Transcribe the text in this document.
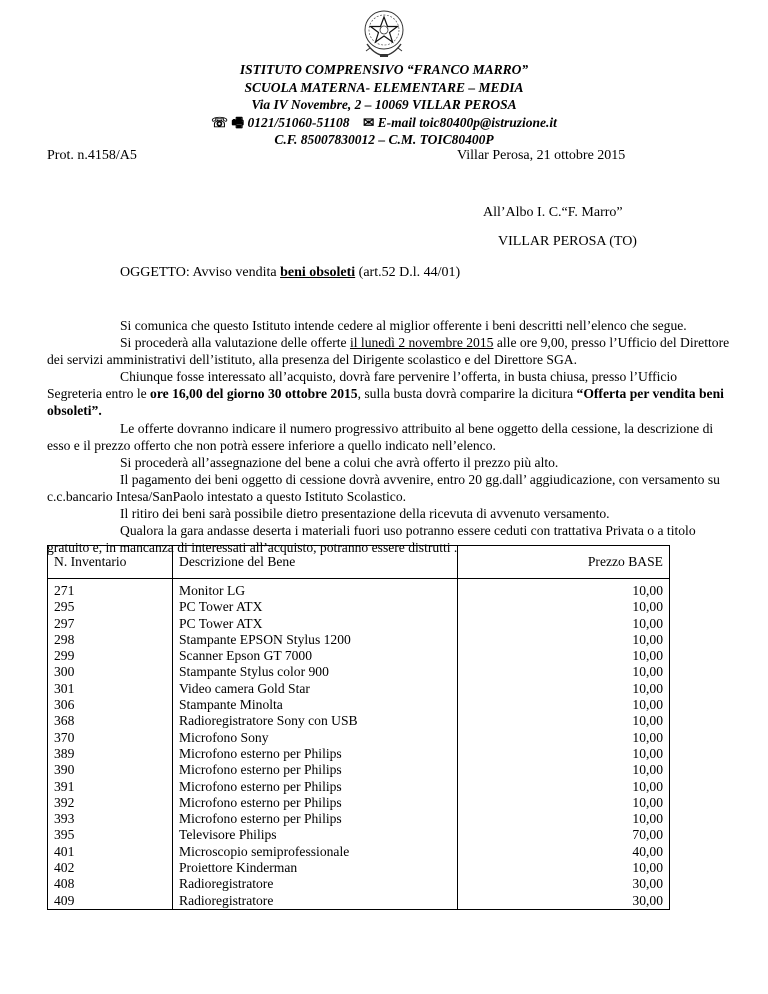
ISTITUTO COMPRENSIVO “FRANCO MARRO”
SCUOLA MATERNA- ELEMENTARE – MEDIA
Via IV Novembre, 2 – 10069 VILLAR PEROSA
☏ 🖷 0121/51060-51108 ✉ E-mail toic80400p@istruzione.it
C.F. 85007830012 – C.M. TOIC80400P
Prot. n.4158/A5	Villar Perosa, 21 ottobre 2015
All’Albo I. C.“F. Marro”
VILLAR PEROSA (TO)
OGGETTO: Avviso vendita beni obsoleti (art.52 D.l. 44/01)

Si comunica che questo Istituto intende cedere al miglior offerente i beni descritti nell’elenco che segue.

Si procederà alla valutazione delle offerte il lunedì 2 novembre 2015 alle ore 9,00, presso l’Ufficio del Direttore dei servizi amministrativi dell’istituto, alla presenza del Dirigente scolastico e del Direttore SGA.

Chiunque fosse interessato all’acquisto, dovrà fare pervenire l’offerta, in busta chiusa, presso l’Ufficio Segreteria entro le ore 16,00 del giorno 30 ottobre 2015, sulla busta dovrà comparire la dicitura “Offerta per vendita beni obsoleti”.

Le offerte dovranno indicare il numero progressivo attribuito al bene oggetto della cessione, la descrizione di esso e il prezzo offerto che non potrà essere inferiore a quello indicato nell’elenco.

Si procederà all’assegnazione del bene a colui che avrà offerto il prezzo più alto.

Il pagamento dei beni oggetto di cessione dovrà avvenire, entro 20 gg.dall’ aggiudicazione, con versamento su c.c.bancario Intesa/SanPaolo intestato a questo Istituto Scolastico.

Il ritiro dei beni sarà possibile dietro presentazione della ricevuta di avvenuto versamento.

Qualora la gara andasse deserta i materiali fuori uso potranno essere ceduti con trattativa Privata o a titolo gratuito e, in mancanza di interessati all’acquisto, potranno essere distrutti .

N. Inventario	Descrizione del Bene	Prezzo BASE
271	Monitor LG	10,00
295	PC Tower ATX	10,00
297	PC Tower ATX	10,00
298	Stampante EPSON Stylus 1200	10,00
299	Scanner Epson GT 7000	10,00
300	Stampante Stylus color 900	10,00
301	Video camera Gold Star	10,00
306	Stampante Minolta	10,00
368	Radioregistratore Sony con USB	10,00
370	Microfono Sony	10,00
389	Microfono esterno per Philips	10,00
390	Microfono esterno per Philips	10,00
391	Microfono esterno per Philips	10,00
392	Microfono esterno per Philips	10,00
393	Microfono esterno per Philips	10,00
395	Televisore Philips	70,00
401	Microscopio semiprofessionale	40,00
402	Proiettore Kinderman	10,00
408	Radioregistratore	30,00
409	Radioregistratore	30,00
